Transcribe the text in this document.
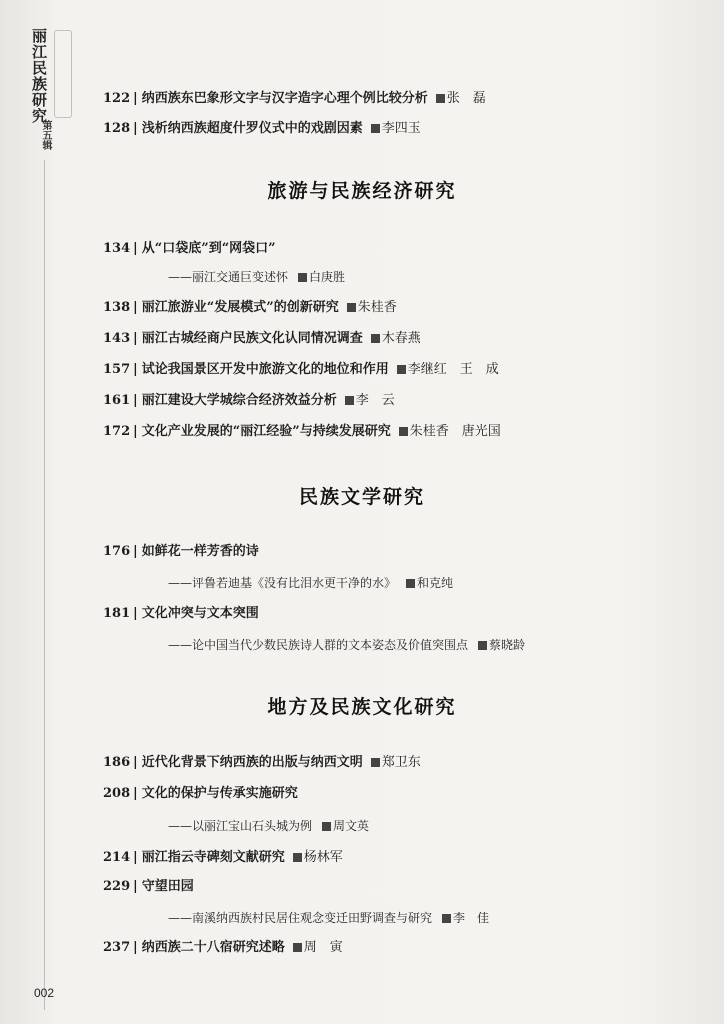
丽江民族研究
第五辑
122 | 纳西族东巴象形文字与汉字造字心理个例比较分析 张　磊
128 | 浅析纳西族超度什罗仪式中的戏剧因素 李四玉
旅游与民族经济研究
134 | 从“口袋底”到“网袋口”
——丽江交通巨变述怀 白庚胜
138 | 丽江旅游业“发展模式”的创新研究 朱桂香
143 | 丽江古城经商户民族文化认同情况调查 木春燕
157 | 试论我国景区开发中旅游文化的地位和作用 李继红　王　成
161 | 丽江建设大学城综合经济效益分析 李　云
172 | 文化产业发展的“丽江经验”与持续发展研究 朱桂香　唐光国
民族文学研究
176 | 如鲜花一样芳香的诗
——评鲁若迪基《没有比泪水更干净的水》 和克纯
181 | 文化冲突与文本突围
——论中国当代少数民族诗人群的文本姿态及价值突围点 蔡晓龄
地方及民族文化研究
186 | 近代化背景下纳西族的出版与纳西文明 郑卫东
208 | 文化的保护与传承实施研究
——以丽江宝山石头城为例 周文英
214 | 丽江指云寺碑刻文献研究 杨林军
229 | 守望田园
——南溪纳西族村民居住观念变迁田野调查与研究 李　佳
237 | 纳西族二十八宿研究述略 周　寅
002
